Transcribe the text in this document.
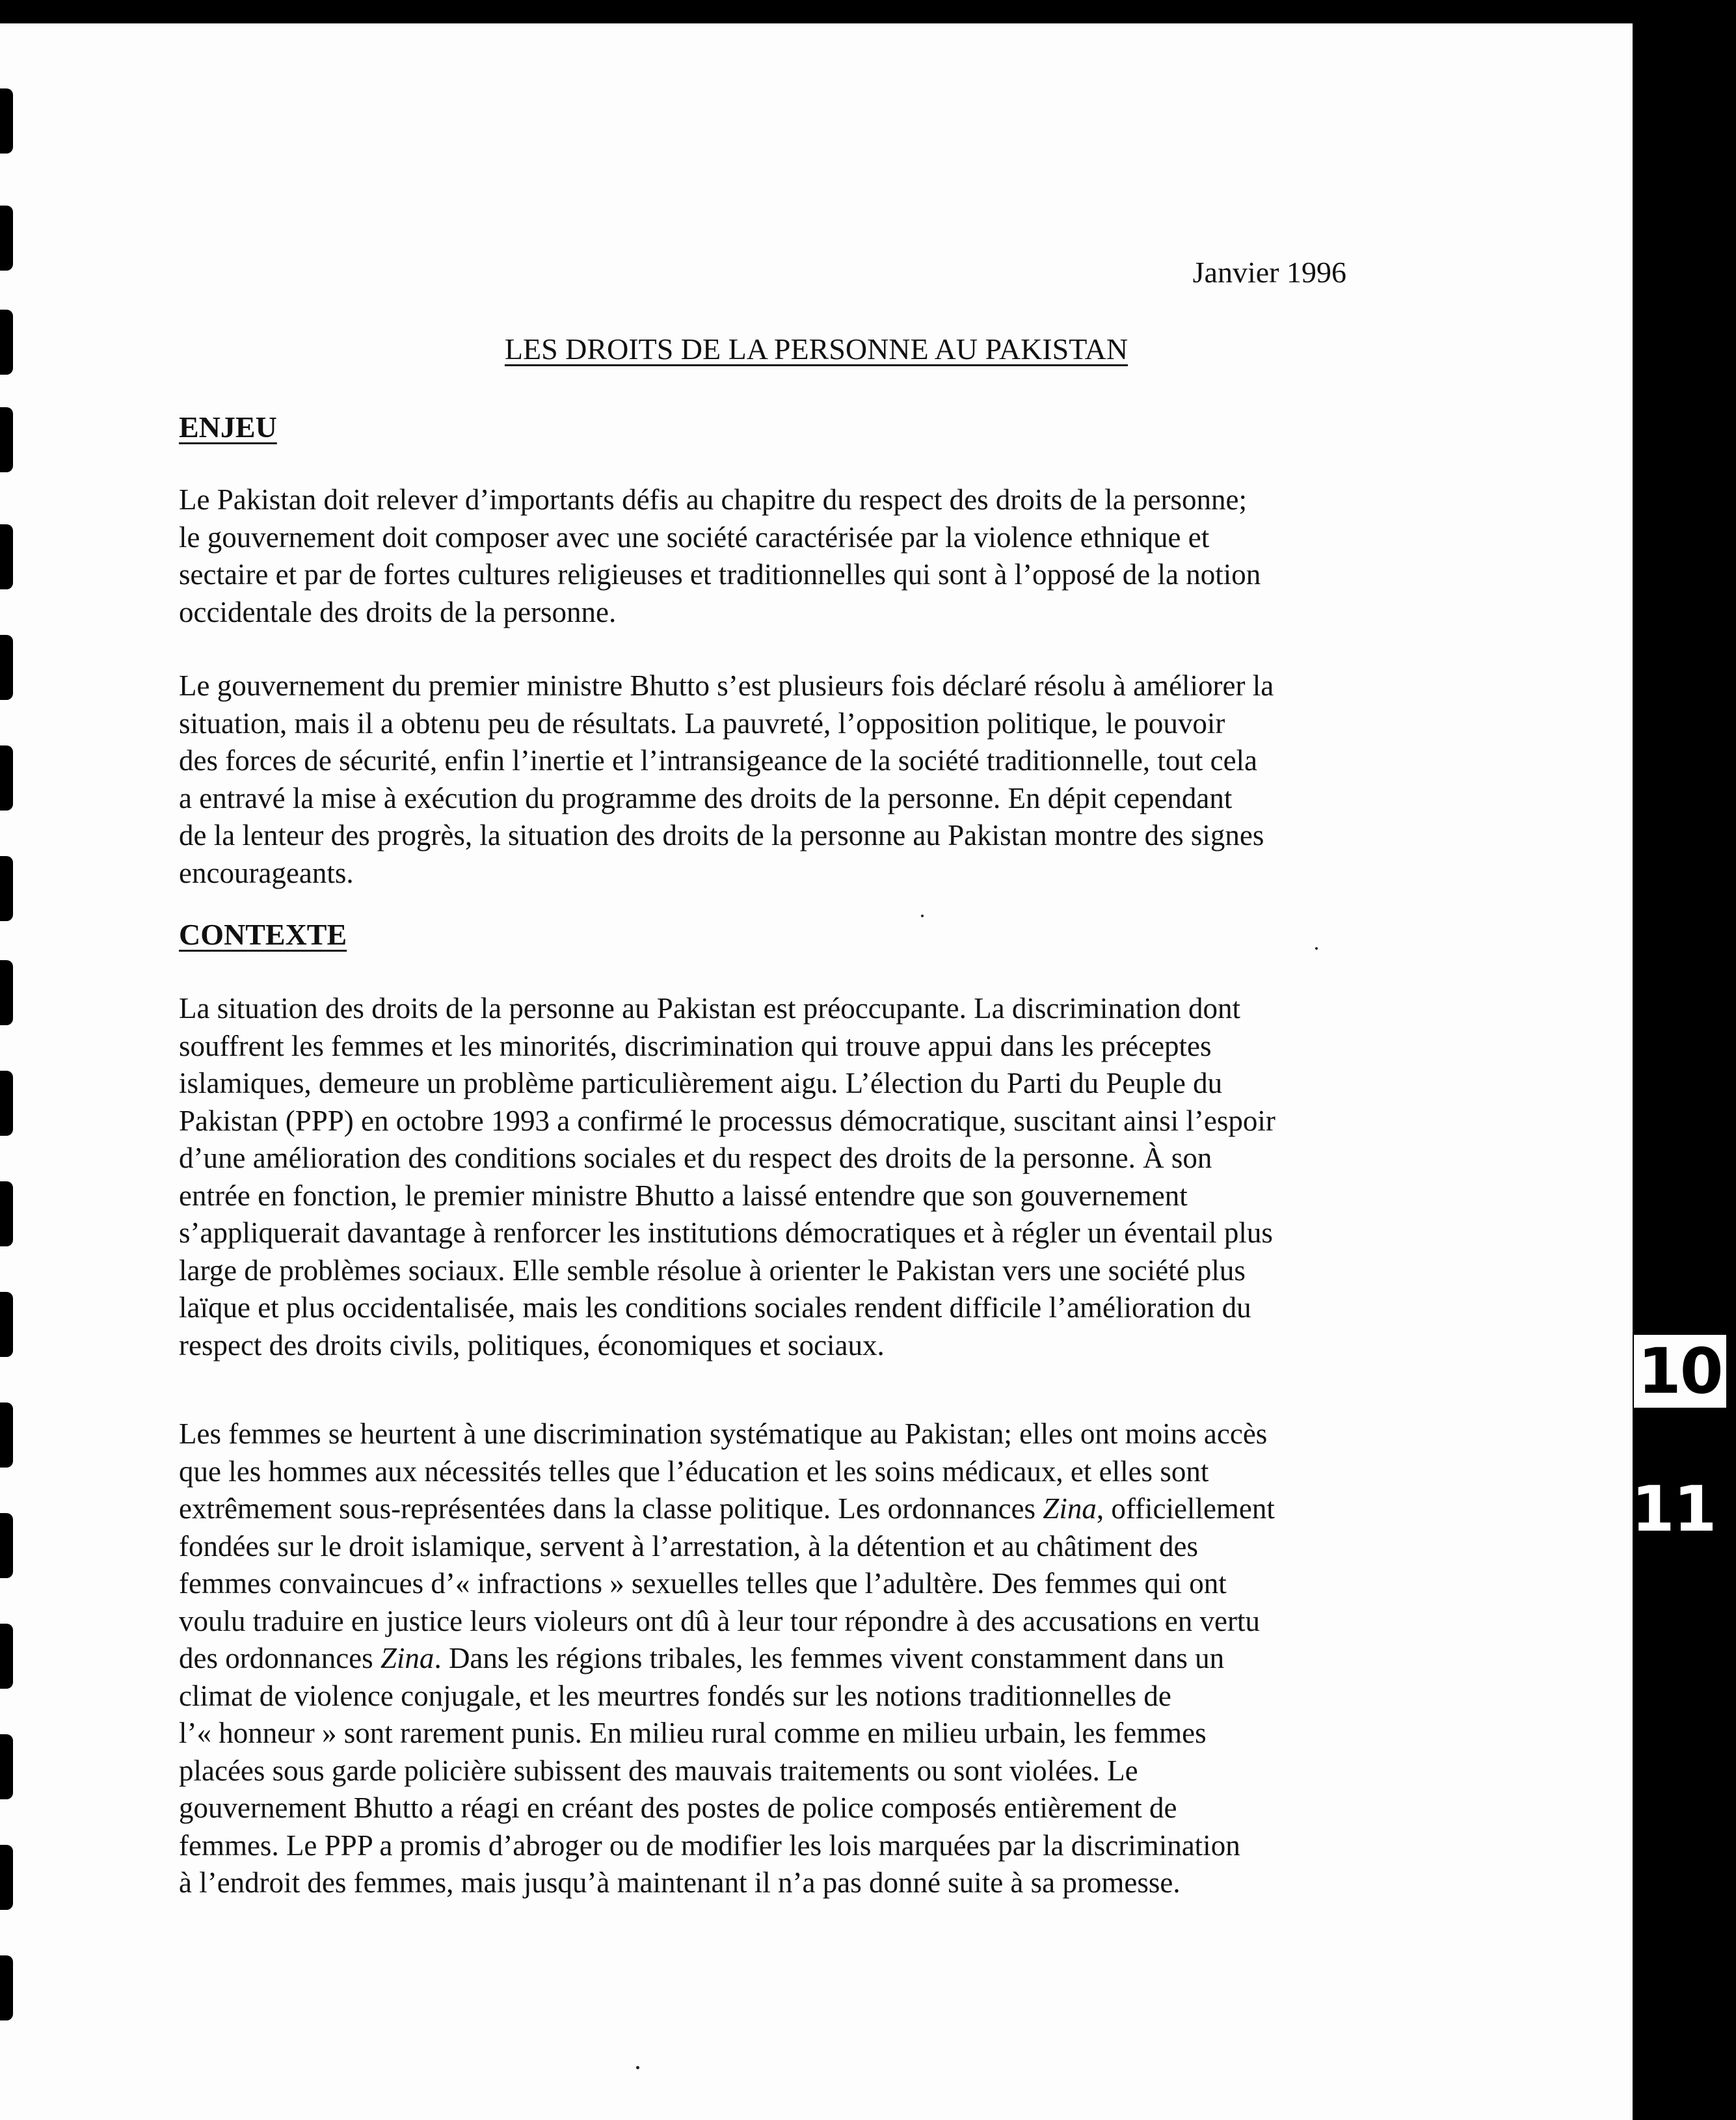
Janvier 1996
LES DROITS DE LA PERSONNE AU PAKISTAN
ENJEU
Le Pakistan doit relever d’importants défis au chapitre du respect des droits de la personne;
le gouvernement doit composer avec une société caractérisée par la violence ethnique et
sectaire et par de fortes cultures religieuses et traditionnelles qui sont à l’opposé de la notion
occidentale des droits de la personne.
Le gouvernement du premier ministre Bhutto s’est plusieurs fois déclaré résolu à améliorer la
situation, mais il a obtenu peu de résultats. La pauvreté, l’opposition politique, le pouvoir
des forces de sécurité, enfin l’inertie et l’intransigeance de la société traditionnelle, tout cela
a entravé la mise à exécution du programme des droits de la personne. En dépit cependant
de la lenteur des progrès, la situation des droits de la personne au Pakistan montre des signes
encourageants.
CONTEXTE
La situation des droits de la personne au Pakistan est préoccupante. La discrimination dont
souffrent les femmes et les minorités, discrimination qui trouve appui dans les préceptes
islamiques, demeure un problème particulièrement aigu. L’élection du Parti du Peuple du
Pakistan (PPP) en octobre 1993 a confirmé le processus démocratique, suscitant ainsi l’espoir
d’une amélioration des conditions sociales et du respect des droits de la personne. À son
entrée en fonction, le premier ministre Bhutto a laissé entendre que son gouvernement
s’appliquerait davantage à renforcer les institutions démocratiques et à régler un éventail plus
large de problèmes sociaux. Elle semble résolue à orienter le Pakistan vers une société plus
laïque et plus occidentalisée, mais les conditions sociales rendent difficile l’amélioration du
respect des droits civils, politiques, économiques et sociaux.
Les femmes se heurtent à une discrimination systématique au Pakistan; elles ont moins accès
que les hommes aux nécessités telles que l’éducation et les soins médicaux, et elles sont
extrêmement sous-représentées dans la classe politique. Les ordonnances Zina, officiellement
fondées sur le droit islamique, servent à l’arrestation, à la détention et au châtiment des
femmes convaincues d’« infractions » sexuelles telles que l’adultère. Des femmes qui ont
voulu traduire en justice leurs violeurs ont dû à leur tour répondre à des accusations en vertu
des ordonnances Zina. Dans les régions tribales, les femmes vivent constamment dans un
climat de violence conjugale, et les meurtres fondés sur les notions traditionnelles de
l’« honneur » sont rarement punis. En milieu rural comme en milieu urbain, les femmes
placées sous garde policière subissent des mauvais traitements ou sont violées. Le
gouvernement Bhutto a réagi en créant des postes de police composés entièrement de
femmes. Le PPP a promis d’abroger ou de modifier les lois marquées par la discrimination
à l’endroit des femmes, mais jusqu’à maintenant il n’a pas donné suite à sa promesse.
10
11
